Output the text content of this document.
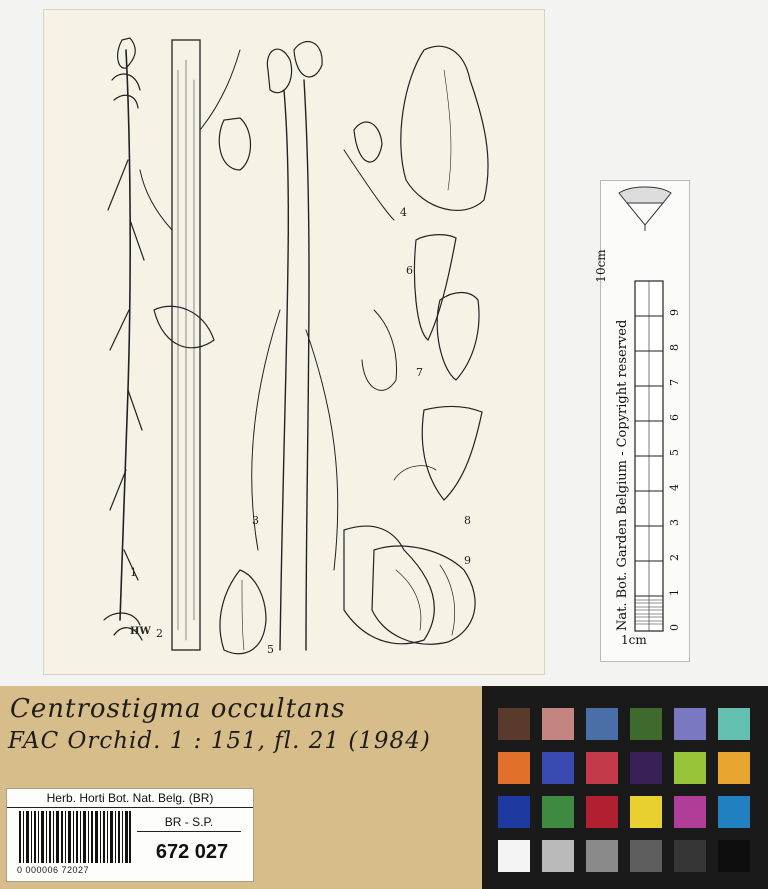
1
2
3
4
5
6
7
8
9
HW
Nat. Bot. Garden Belgium - Copyright reserved
10cm
1cm
0
1
2
3
4
5
6
7
8
9
Centrostigma occultans
FAC Orchid. 1 : 151, fl. 21 (1984)
Herb. Horti Bot. Nat. Belg. (BR)
0 000006 72027
BR - S.P.
672 027
